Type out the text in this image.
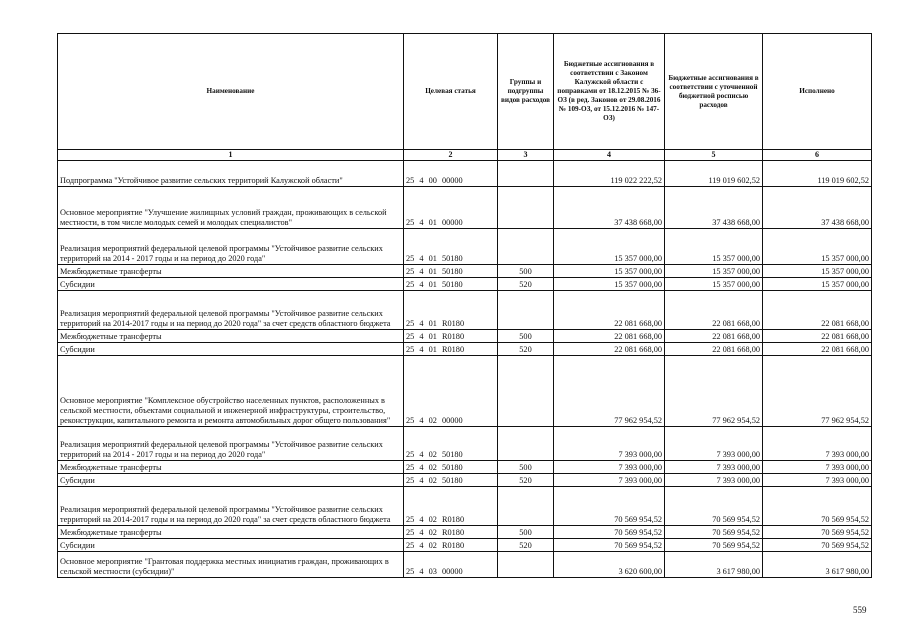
Наименование	Целевая статья	Группы и подгруппы видов расходов	Бюджетные ассигнования в соответствии с Законом Калужской области с поправками от 18.12.2015 № 36-ОЗ (в ред. Законов от 29.08.2016 № 109-ОЗ, от 15.12.2016 № 147-ОЗ)	Бюджетные ассигнования в соответствии с уточненной бюджетной росписью расходов	Исполнено
1	2	3	4	5	6
Подпрограмма "Устойчивое развитие сельских территорий Калужской области"	25 4 00 00000		119 022 222,52	119 019 602,52	119 019 602,52
Основное мероприятие "Улучшение жилищных условий граждан, проживающих в сельской местности, в том числе молодых семей и молодых специалистов"	25 4 01 00000		37 438 668,00	37 438 668,00	37 438 668,00
Реализация мероприятий федеральной целевой программы "Устойчивое развитие сельских территорий на 2014 - 2017 годы и на период до 2020 года"	25 4 01 50180		15 357 000,00	15 357 000,00	15 357 000,00
Межбюджетные трансферты	25 4 01 50180	500	15 357 000,00	15 357 000,00	15 357 000,00
Субсидии	25 4 01 50180	520	15 357 000,00	15 357 000,00	15 357 000,00
Реализация мероприятий федеральной целевой программы "Устойчивое развитие сельских территорий на 2014-2017 годы и на период до 2020 года" за счет средств областного бюджета	25 4 01 R0180		22 081 668,00	22 081 668,00	22 081 668,00
Межбюджетные трансферты	25 4 01 R0180	500	22 081 668,00	22 081 668,00	22 081 668,00
Субсидии	25 4 01 R0180	520	22 081 668,00	22 081 668,00	22 081 668,00
Основное мероприятие "Комплексное обустройство населенных пунктов, расположенных в сельской местности, объектами социальной и инженерной инфраструктуры, строительство, реконструкции, капитального ремонта и ремонта автомобильных дорог общего пользования"	25 4 02 00000		77 962 954,52	77 962 954,52	77 962 954,52
Реализация мероприятий федеральной целевой программы "Устойчивое развитие сельских территорий на 2014 - 2017 годы и на период до 2020 года"	25 4 02 50180		7 393 000,00	7 393 000,00	7 393 000,00
Межбюджетные трансферты	25 4 02 50180	500	7 393 000,00	7 393 000,00	7 393 000,00
Субсидии	25 4 02 50180	520	7 393 000,00	7 393 000,00	7 393 000,00
Реализация мероприятий федеральной целевой программы "Устойчивое развитие сельских территорий на 2014-2017 годы и на период до 2020 года" за счет средств областного бюджета	25 4 02 R0180		70 569 954,52	70 569 954,52	70 569 954,52
Межбюджетные трансферты	25 4 02 R0180	500	70 569 954,52	70 569 954,52	70 569 954,52
Субсидии	25 4 02 R0180	520	70 569 954,52	70 569 954,52	70 569 954,52
Основное мероприятие "Грантовая поддержка местных инициатив граждан, проживающих в сельской местности (субсидии)"	25 4 03 00000		3 620 600,00	3 617 980,00	3 617 980,00
559
